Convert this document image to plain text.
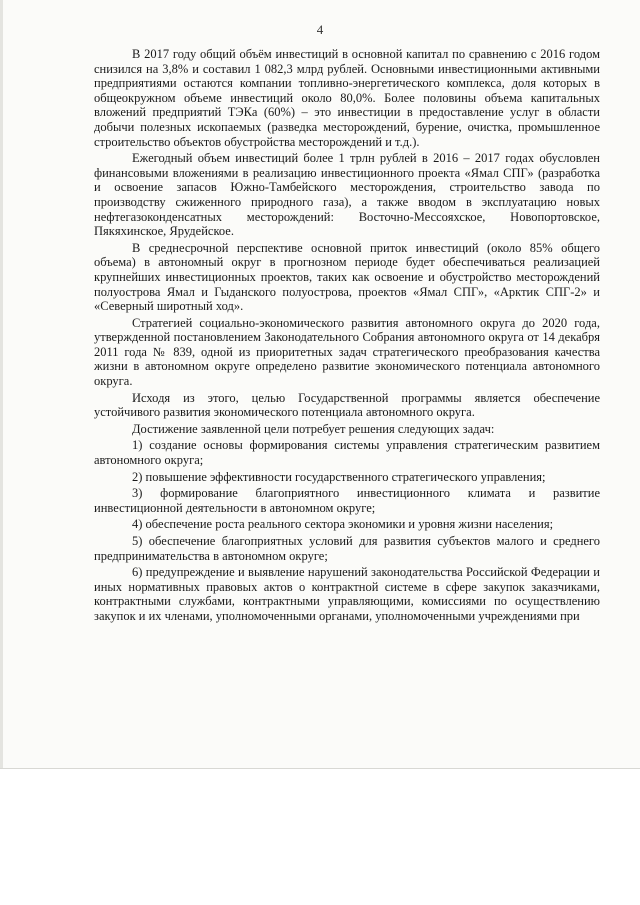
4

В 2017 году общий объём инвестиций в основной капитал по сравнению с 2016 годом снизился на 3,8% и составил 1 082,3 млрд рублей. Основными инвестиционными активными предприятиями остаются компании топливно-энергетического комплекса, доля которых в общеокружном объеме инвестиций около 80,0%. Более половины объема капитальных вложений предприятий ТЭКа (60%) – это инвестиции в предоставление услуг в области добычи полезных ископаемых (разведка месторождений, бурение, очистка, промышленное строительство объектов обустройства месторождений и т.д.).

Ежегодный объем инвестиций более 1 трлн рублей в 2016 – 2017 годах обусловлен финансовыми вложениями в реализацию инвестиционного проекта «Ямал СПГ» (разработка и освоение запасов Южно-Тамбейского месторождения, строительство завода по производству сжиженного природного газа), а также вводом в эксплуатацию новых нефтегазоконденсатных месторождений: Восточно-Мессояхское, Новопортовское, Пякяхинское, Ярудейское.

В среднесрочной перспективе основной приток инвестиций (около 85% общего объема) в автономный округ в прогнозном периоде будет обеспечиваться реализацией крупнейших инвестиционных проектов, таких как освоение и обустройство месторождений полуострова Ямал и Гыданского полуострова, проектов «Ямал СПГ», «Арктик СПГ-2» и «Северный широтный ход».

Стратегией социально-экономического развития автономного округа до 2020 года, утвержденной постановлением Законодательного Собрания автономного округа от 14 декабря 2011 года № 839, одной из приоритетных задач стратегического преобразования качества жизни в автономном округе определено развитие экономического потенциала автономного округа.

Исходя из этого, целью Государственной программы является обеспечение устойчивого развития экономического потенциала автономного округа.

Достижение заявленной цели потребует решения следующих задач:

1) создание основы формирования системы управления стратегическим развитием автономного округа;

2) повышение эффективности государственного стратегического управления;

3) формирование благоприятного инвестиционного климата и развитие инвестиционной деятельности в автономном округе;

4) обеспечение роста реального сектора экономики и уровня жизни населения;

5) обеспечение благоприятных условий для развития субъектов малого и среднего предпринимательства в автономном округе;

6) предупреждение и выявление нарушений законодательства Российской Федерации и иных нормативных правовых актов о контрактной системе в сфере закупок заказчиками, контрактными службами, контрактными управляющими, комиссиями по осуществлению закупок и их членами, уполномоченными органами, уполномоченными учреждениями при
